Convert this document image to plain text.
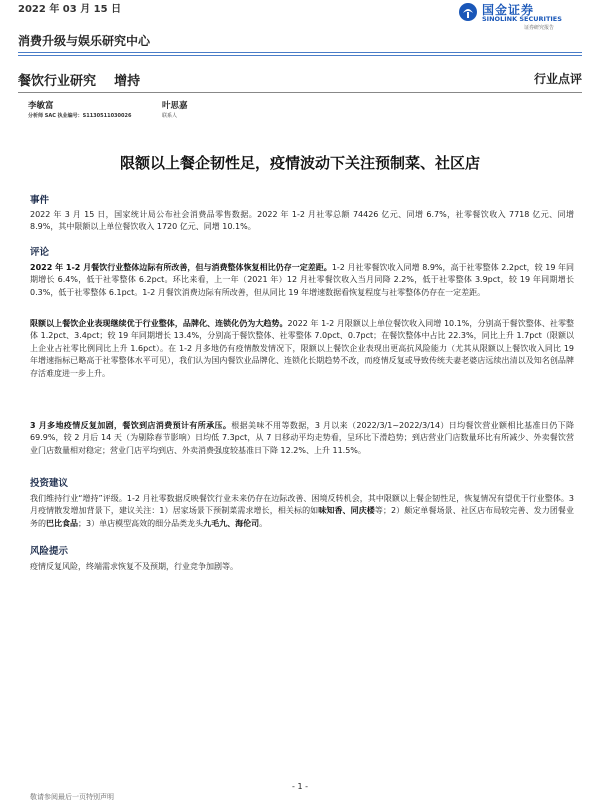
2022 年 03 月 15 日	国金证券
SINOLINK SECURITIES
证券研究报告
消费升级与娱乐研究中心
餐饮行业研究 增持	行业点评
李敏富
分析师 SAC 执业编号：S1130511030026
叶思嘉
联系人
限额以上餐企韧性足，疫情波动下关注预制菜、社区店
事件
2022 年 3 月 15 日，国家统计局公布社会消费品零售数据。2022 年 1-2 月社零总额 74426 亿元、同增 6.7%，社零餐饮收入 7718 亿元、同增 8.9%，其中限额以上单位餐饮收入 1720 亿元、同增 10.1%。
评论
2022 年 1-2 月餐饮行业整体边际有所改善，但与消费整体恢复相比仍存一定差距。1-2 月社零餐饮收入同增 8.9%，高于社零整体 2.2pct，较 19 年同期增长 6.4%，低于社零整体 6.2pct。环比来看，上一年（2021 年）12 月社零餐饮收入当月同降 2.2%，低于社零整体 3.9pct，较 19 年同期增长 0.3%，低于社零整体 6.1pct。1-2 月餐饮消费边际有所改善，但从同比 19 年增速数据看恢复程度与社零整体仍存在一定差距。
限额以上餐饮企业表现继续优于行业整体，品牌化、连锁化仍为大趋势。2022 年 1-2 月限额以上单位餐饮收入同增 10.1%，分别高于餐饮整体、社零整体 1.2pct、3.4pct；较 19 年同期增长 13.4%，分别高于餐饮整体、社零整体 7.0pct、0.7pct；在餐饮整体中占比 22.3%，同比上升 1.7pct（限额以上企业占社零比例同比上升 1.6pct）。在 1-2 月多地仍有疫情散发情况下，限额以上餐饮企业表现出更高抗风险能力（尤其从限额以上餐饮收入同比 19 年增速指标已略高于社零整体水平可见），我们认为国内餐饮业品牌化、连锁化长期趋势不改，而疫情反复或导致传统夫妻老婆店远续出清以及知名创品牌存活难度进一步上升。
3 月多地疫情反复加剧，餐饮到店消费预计有所承压。根据美味不用等数据，3 月以来（2022/3/1~2022/3/14）日均餐饮营业额相比基准日仍下降 69.9%，较 2 月后 14 天（为剔除春节影响）日均低 7.3pct，从 7 日移动平均走势看，呈环比下滑趋势；到店营业门店数量环比有所减少、外卖餐饮营业门店数量相对稳定；营业门店平均到店、外卖消费强度较基准日下降 12.2%、上升 11.5%。
投资建议
我们维持行业“增持”评级。1-2 月社零数据反映餐饮行业未来仍存在边际改善、困境反转机会，其中限额以上餐企韧性足，恢复情况有望优于行业整体。3 月疫情散发增加背景下，建议关注：1）居家场景下预制菜需求增长，相关标的如味知香、同庆楼等；2）颇定单餐场景、社区店布局较完善、发力团餐业务的巴比食品；3）单店模型高效的细分品类龙头九毛九、海伦司。
风险提示
疫情反复风险，终端需求恢复不及预期，行业竞争加剧等。
- 1 -
敬请参阅最后一页特别声明
